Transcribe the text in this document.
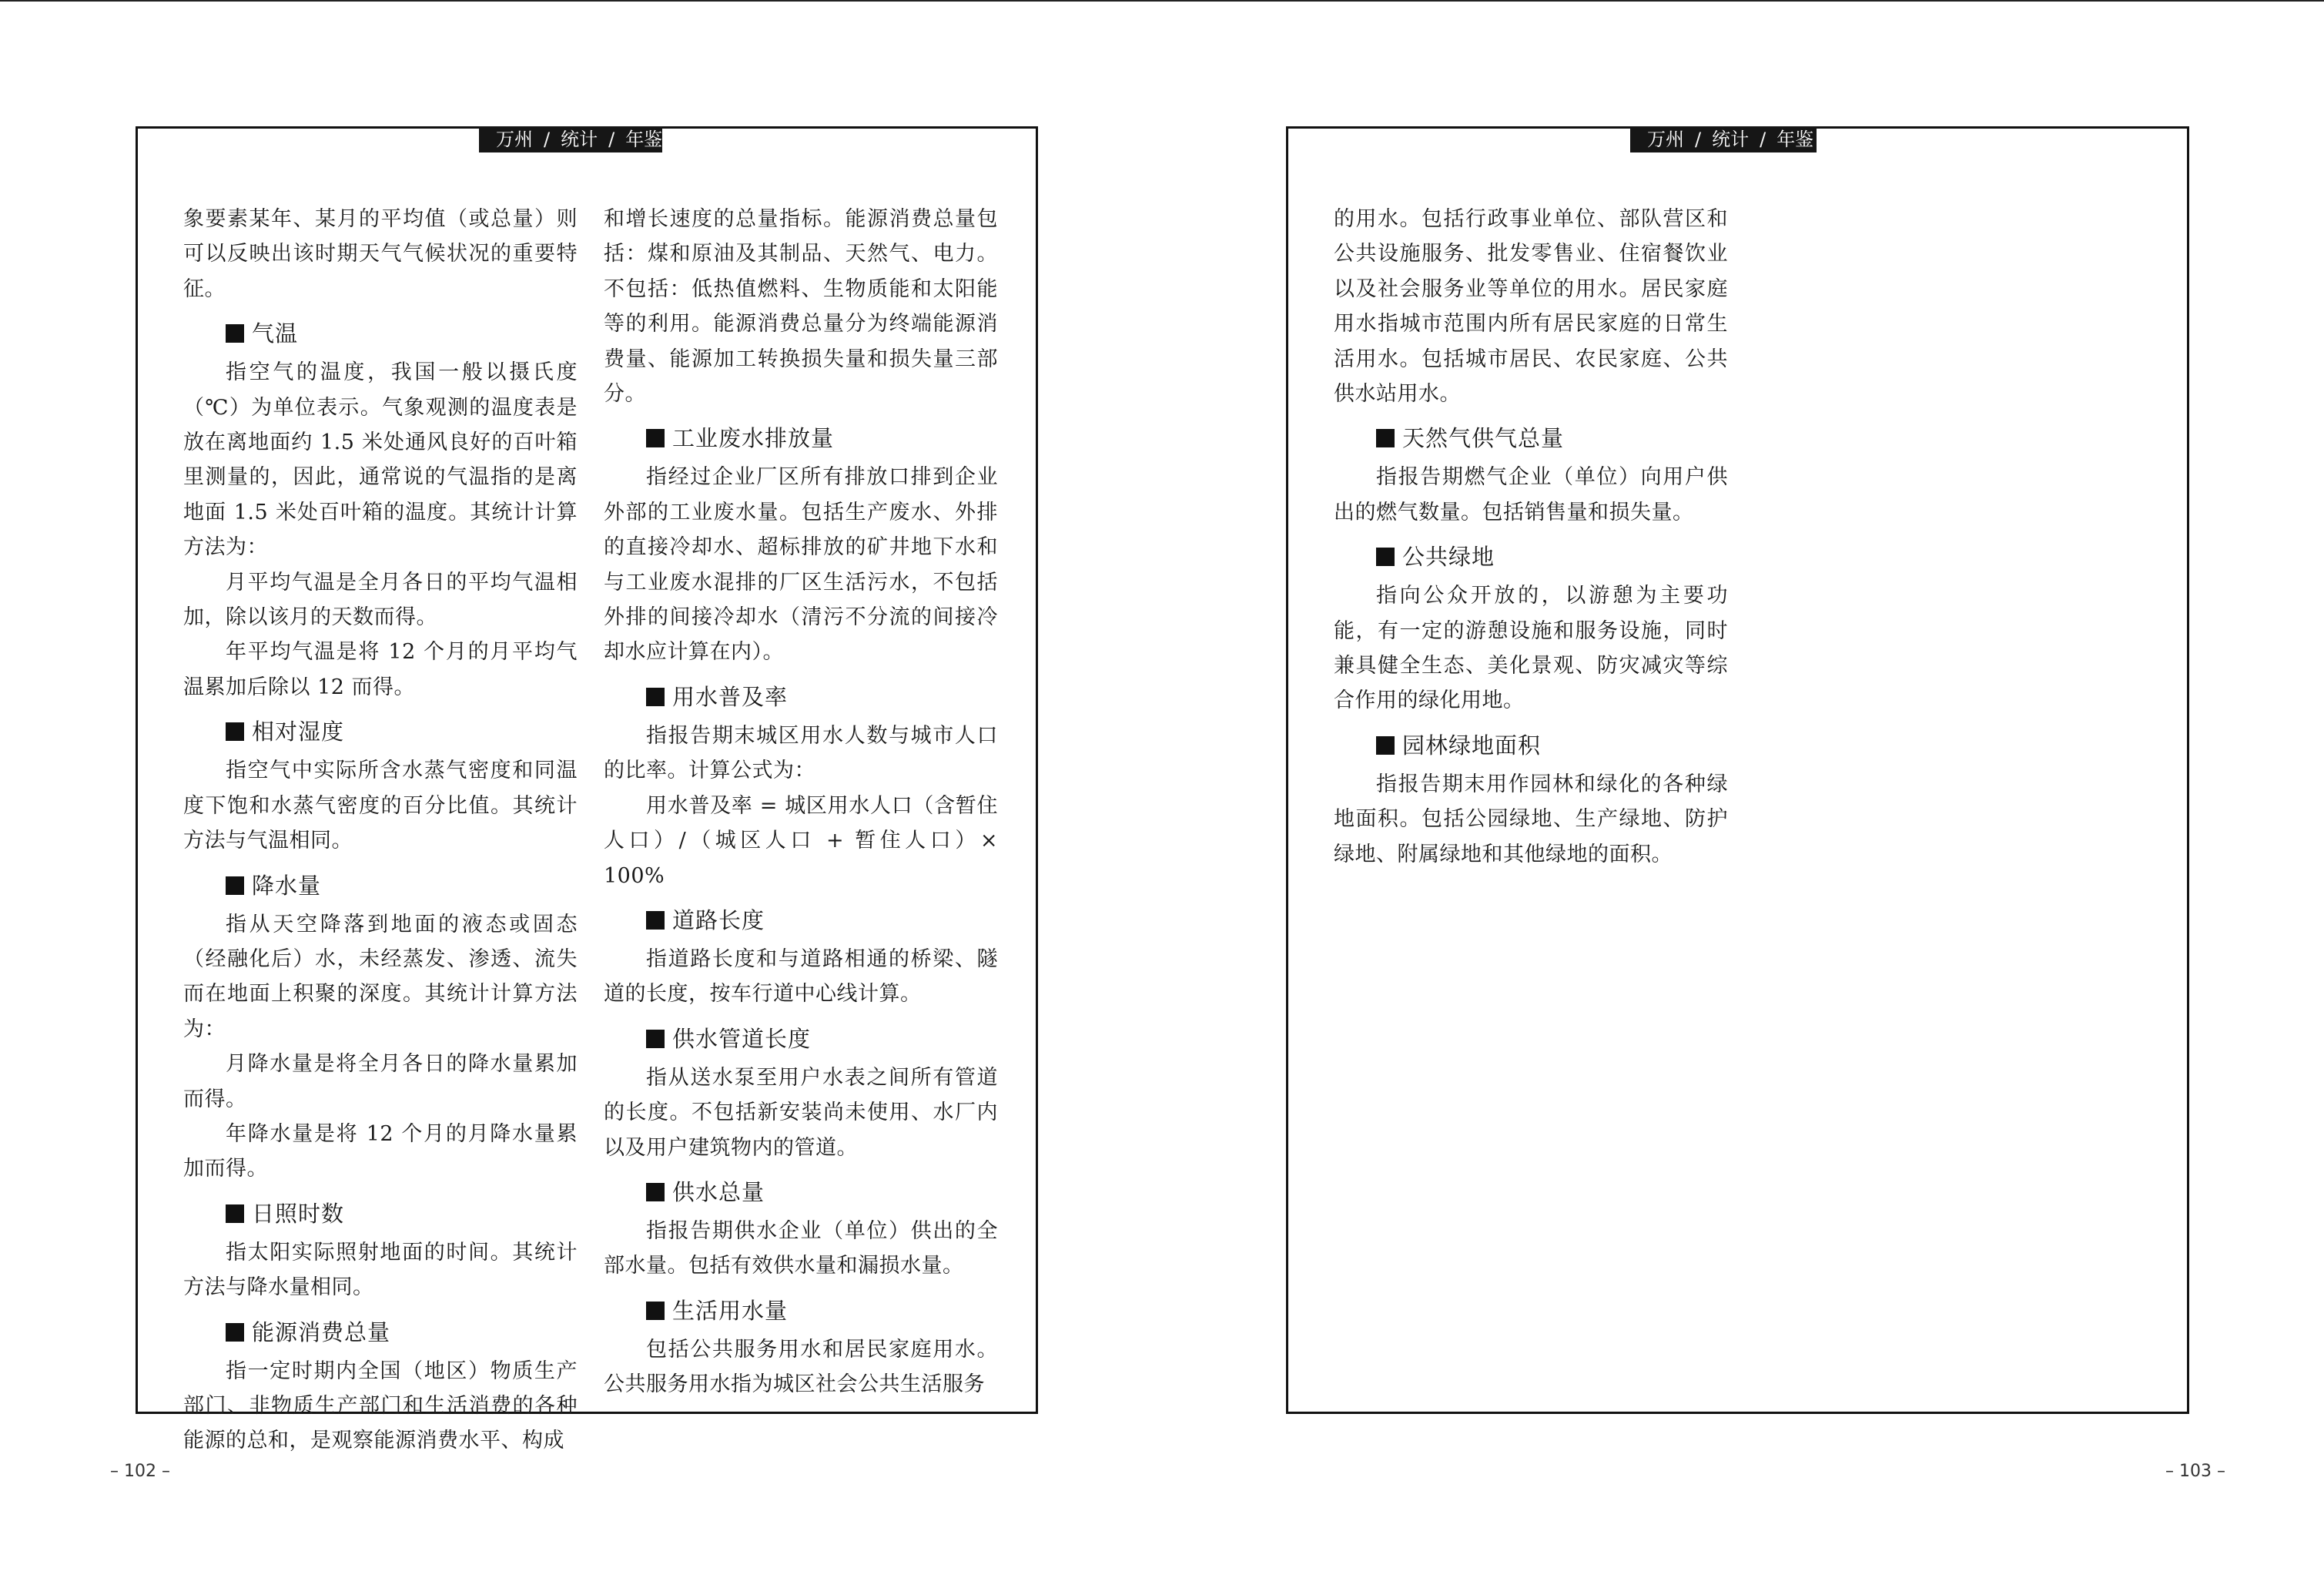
万州 / 统计 / 年鉴

象要素某年、某月的平均值（或总量）则可以反映出该时期天气气候状况的重要特征。

气温

指空气的温度，我国一般以摄氏度（℃）为单位表示。气象观测的温度表是放在离地面约 1.5 米处通风良好的百叶箱里测量的，因此，通常说的气温指的是离地面 1.5 米处百叶箱的温度。其统计计算方法为：

月平均气温是全月各日的平均气温相加，除以该月的天数而得。

年平均气温是将 12 个月的月平均气温累加后除以 12 而得。

相对湿度

指空气中实际所含水蒸气密度和同温度下饱和水蒸气密度的百分比值。其统计方法与气温相同。

降水量

指从天空降落到地面的液态或固态（经融化后）水，未经蒸发、渗透、流失而在地面上积聚的深度。其统计计算方法为：

月降水量是将全月各日的降水量累加而得。

年降水量是将 12 个月的月降水量累加而得。

日照时数

指太阳实际照射地面的时间。其统计方法与降水量相同。

能源消费总量

指一定时期内全国（地区）物质生产部门、非物质生产部门和生活消费的各种能源的总和，是观察能源消费水平、构成

和增长速度的总量指标。能源消费总量包括：煤和原油及其制品、天然气、电力。不包括：低热值燃料、生物质能和太阳能等的利用。能源消费总量分为终端能源消费量、能源加工转换损失量和损失量三部分。

工业废水排放量

指经过企业厂区所有排放口排到企业外部的工业废水量。包括生产废水、外排的直接冷却水、超标排放的矿井地下水和与工业废水混排的厂区生活污水，不包括外排的间接冷却水（清污不分流的间接冷却水应计算在内）。

用水普及率

指报告期末城区用水人数与城市人口的比率。计算公式为：

用水普及率 = 城区用水人口（含暂住人口）/（城区人口 + 暂住人口）× 100%

道路长度

指道路长度和与道路相通的桥梁、隧道的长度，按车行道中心线计算。

供水管道长度

指从送水泵至用户水表之间所有管道的长度。不包括新安装尚未使用、水厂内以及用户建筑物内的管道。

供水总量

指报告期供水企业（单位）供出的全部水量。包括有效供水量和漏损水量。

生活用水量

包括公共服务用水和居民家庭用水。公共服务用水指为城区社会公共生活服务

万州 / 统计 / 年鉴

的用水。包括行政事业单位、部队营区和公共设施服务、批发零售业、住宿餐饮业以及社会服务业等单位的用水。居民家庭用水指城市范围内所有居民家庭的日常生活用水。包括城市居民、农民家庭、公共供水站用水。

天然气供气总量

指报告期燃气企业（单位）向用户供出的燃气数量。包括销售量和损失量。

公共绿地

指向公众开放的，以游憩为主要功能，有一定的游憩设施和服务设施，同时兼具健全生态、美化景观、防灾减灾等综合作用的绿化用地。

园林绿地面积

指报告期末用作园林和绿化的各种绿地面积。包括公园绿地、生产绿地、防护绿地、附属绿地和其他绿地的面积。

– 102 –	– 103 –
